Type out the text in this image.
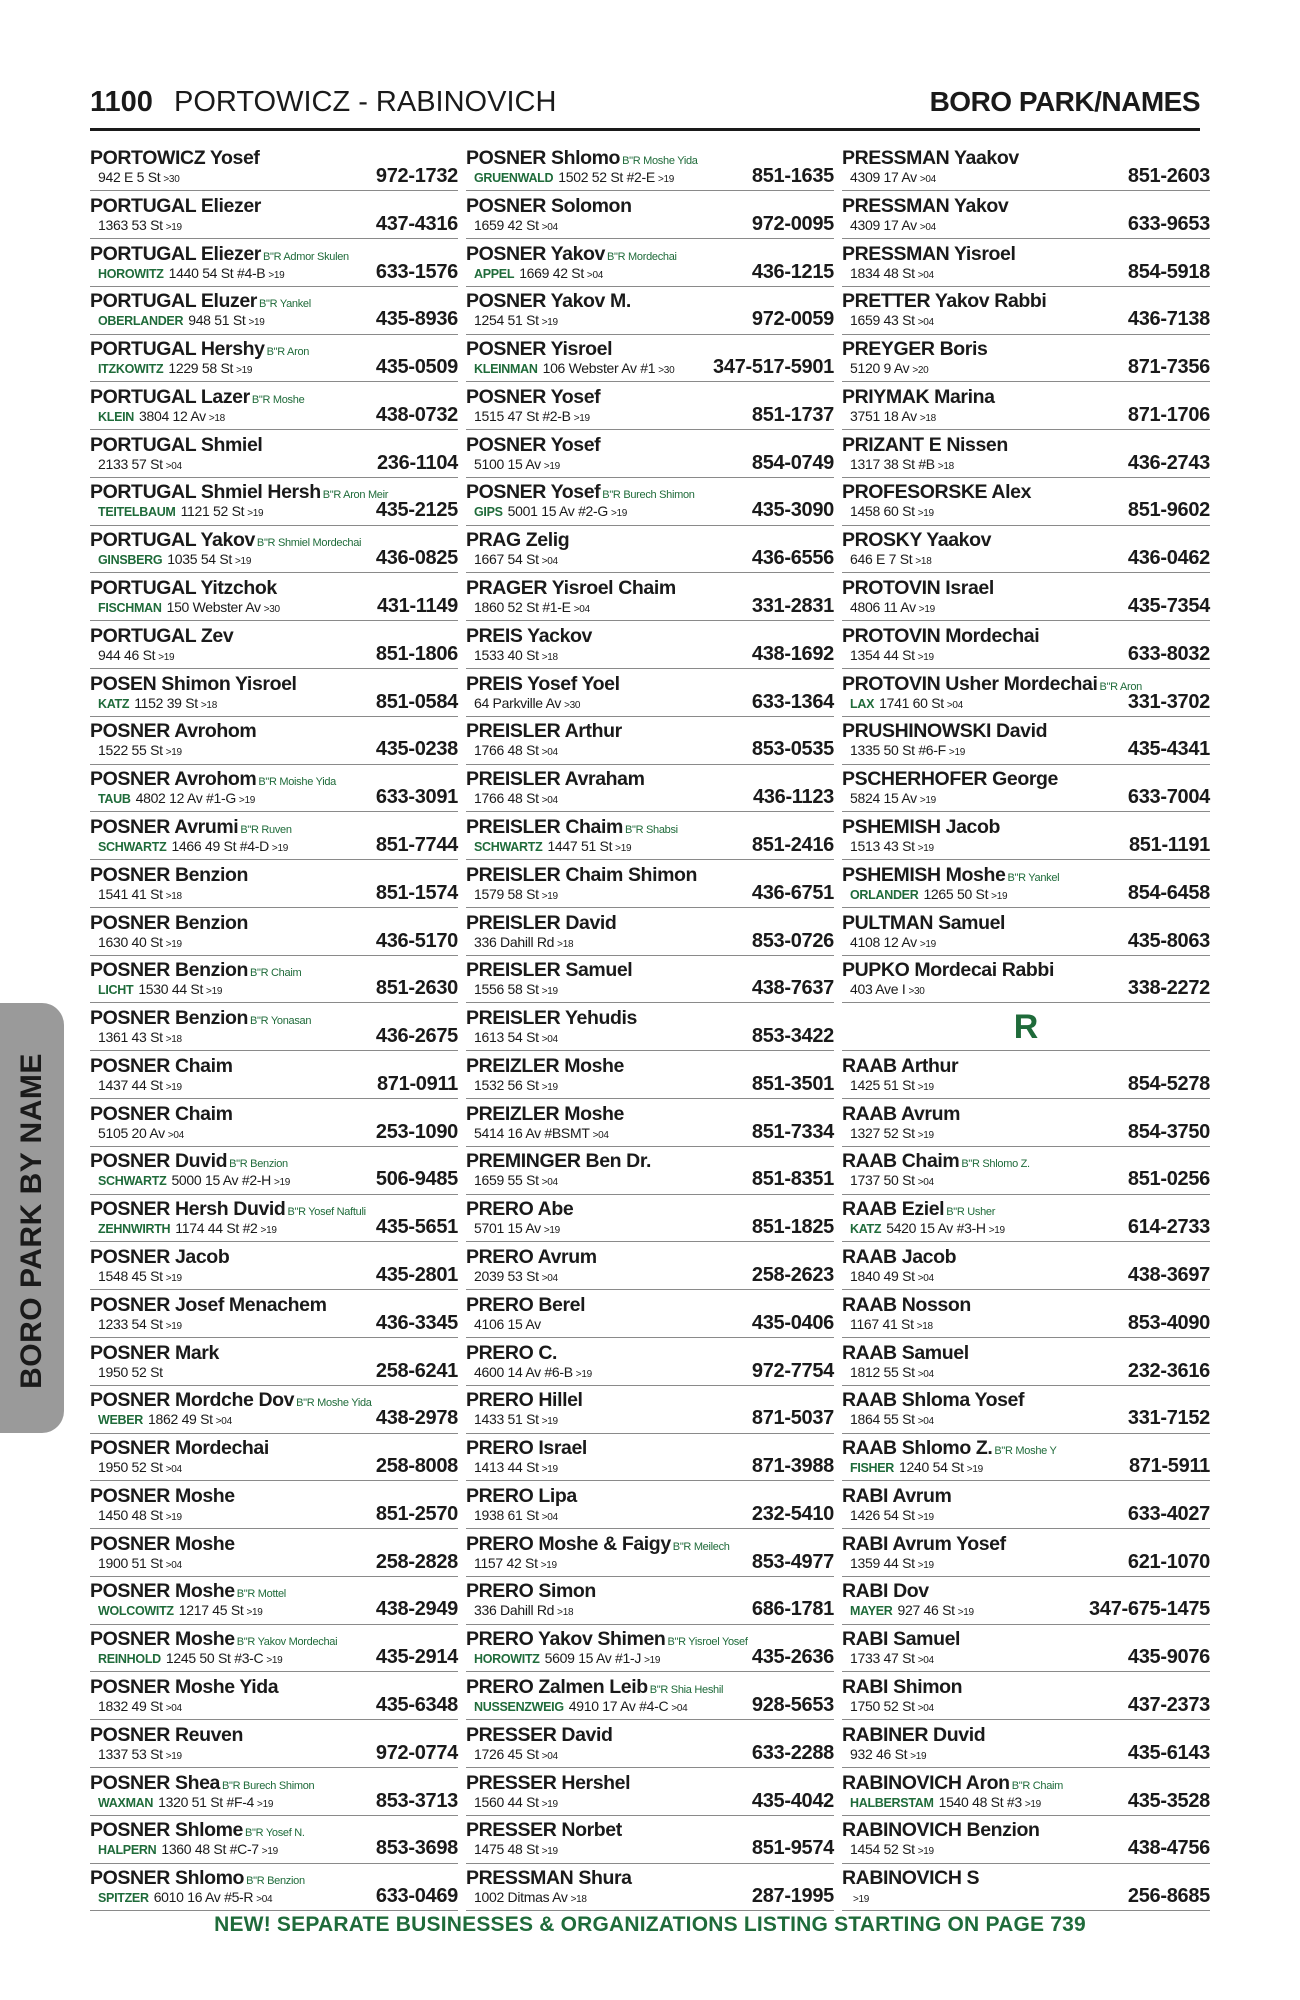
1100 PORTOWICZ - RABINOVICH	BORO PARK/NAMES
PORTOWICZ Yosef
942 E 5 St >30	972-1732
PORTUGAL Eliezer
1363 53 St >19	437-4316
PORTUGAL Eliezer B"R Admor Skulen
HOROWITZ 1440 54 St #4-B >19	633-1576
PORTUGAL Eluzer B"R Yankel
OBERLANDER 948 51 St >19	435-8936
PORTUGAL Hershy B"R Aron
ITZKOWITZ 1229 58 St >19	435-0509
PORTUGAL Lazer B"R Moshe
KLEIN 3804 12 Av >18	438-0732
PORTUGAL Shmiel
2133 57 St >04	236-1104
PORTUGAL Shmiel Hersh B"R Aron Meir
TEITELBAUM 1121 52 St >19	435-2125
PORTUGAL Yakov B"R Shmiel Mordechai
GINSBERG 1035 54 St >19	436-0825
PORTUGAL Yitzchok
FISCHMAN 150 Webster Av >30	431-1149
PORTUGAL Zev
944 46 St >19	851-1806
POSEN Shimon Yisroel
KATZ 1152 39 St >18	851-0584
POSNER Avrohom
1522 55 St >19	435-0238
POSNER Avrohom B"R Moishe Yida
TAUB 4802 12 Av #1-G >19	633-3091
POSNER Avrumi B"R Ruven
SCHWARTZ 1466 49 St #4-D >19	851-7744
POSNER Benzion
1541 41 St >18	851-1574
POSNER Benzion
1630 40 St >19	436-5170
POSNER Benzion B"R Chaim
LICHT 1530 44 St >19	851-2630
POSNER Benzion B"R Yonasan
1361 43 St >18	436-2675
POSNER Chaim
1437 44 St >19	871-0911
POSNER Chaim
5105 20 Av >04	253-1090
POSNER Duvid B"R Benzion
SCHWARTZ 5000 15 Av #2-H >19	506-9485
POSNER Hersh Duvid B"R Yosef Naftuli
ZEHNWIRTH 1174 44 St #2 >19	435-5651
POSNER Jacob
1548 45 St >19	435-2801
POSNER Josef Menachem
1233 54 St >19	436-3345
POSNER Mark
1950 52 St	258-6241
POSNER Mordche Dov B"R Moshe Yida
WEBER 1862 49 St >04	438-2978
POSNER Mordechai
1950 52 St >04	258-8008
POSNER Moshe
1450 48 St >19	851-2570
POSNER Moshe
1900 51 St >04	258-2828
POSNER Moshe B"R Mottel
WOLCOWITZ 1217 45 St >19	438-2949
POSNER Moshe B"R Yakov Mordechai
REINHOLD 1245 50 St #3-C >19	435-2914
POSNER Moshe Yida
1832 49 St >04	435-6348
POSNER Reuven
1337 53 St >19	972-0774
POSNER Shea B"R Burech Shimon
WAXMAN 1320 51 St #F-4 >19	853-3713
POSNER Shlome B"R Yosef N.
HALPERN 1360 48 St #C-7 >19	853-3698
POSNER Shlomo B"R Benzion
SPITZER 6010 16 Av #5-R >04	633-0469
POSNER Shlomo B"R Moshe Yida
GRUENWALD 1502 52 St #2-E >19	851-1635
POSNER Solomon
1659 42 St >04	972-0095
POSNER Yakov B"R Mordechai
APPEL 1669 42 St >04	436-1215
POSNER Yakov M.
1254 51 St >19	972-0059
POSNER Yisroel
KLEINMAN 106 Webster Av #1 >30 347-517-5901
POSNER Yosef
1515 47 St #2-B >19	851-1737
POSNER Yosef
5100 15 Av >19	854-0749
POSNER Yosef B"R Burech Shimon
GIPS 5001 15 Av #2-G >19	435-3090
PRAG Zelig
1667 54 St >04	436-6556
PRAGER Yisroel Chaim
1860 52 St #1-E >04	331-2831
PREIS Yackov
1533 40 St >18	438-1692
PREIS Yosef Yoel
64 Parkville Av >30	633-1364
PREISLER Arthur
1766 48 St >04	853-0535
PREISLER Avraham
1766 48 St >04	436-1123
PREISLER Chaim B"R Shabsi
SCHWARTZ 1447 51 St >19	851-2416
PREISLER Chaim Shimon
1579 58 St >19	436-6751
PREISLER David
336 Dahill Rd >18	853-0726
PREISLER Samuel
1556 58 St >19	438-7637
PREISLER Yehudis
1613 54 St >04	853-3422
PREIZLER Moshe
1532 56 St >19	851-3501
PREIZLER Moshe
5414 16 Av #BSMT >04	851-7334
PREMINGER Ben Dr.
1659 55 St >04	851-8351
PRERO Abe
5701 15 Av >19	851-1825
PRERO Avrum
2039 53 St >04	258-2623
PRERO Berel
4106 15 Av	435-0406
PRERO C.
4600 14 Av #6-B >19	972-7754
PRERO Hillel
1433 51 St >19	871-5037
PRERO Israel
1413 44 St >19	871-3988
PRERO Lipa
1938 61 St >04	232-5410
PRERO Moshe & Faigy B"R Meilech
1157 42 St >19	853-4977
PRERO Simon
336 Dahill Rd >18	686-1781
PRERO Yakov Shimen B"R Yisroel Yosef
HOROWITZ 5609 15 Av #1-J >19	435-2636
PRERO Zalmen Leib B"R Shia Heshil
NUSSENZWEIG 4910 17 Av #4-C >04	928-5653
PRESSER David
1726 45 St >04	633-2288
PRESSER Hershel
1560 44 St >19	435-4042
PRESSER Norbet
1475 48 St >19	851-9574
PRESSMAN Shura
1002 Ditmas Av >18	287-1995
PRESSMAN Yaakov
4309 17 Av >04	851-2603
PRESSMAN Yakov
4309 17 Av >04	633-9653
PRESSMAN Yisroel
1834 48 St >04	854-5918
PRETTER Yakov Rabbi
1659 43 St >04	436-7138
PREYGER Boris
5120 9 Av >20	871-7356
PRIYMAK Marina
3751 18 Av >18	871-1706
PRIZANT E Nissen
1317 38 St #B >18	436-2743
PROFESORSKE Alex
1458 60 St >19	851-9602
PROSKY Yaakov
646 E 7 St >18	436-0462
PROTOVIN Israel
4806 11 Av >19	435-7354
PROTOVIN Mordechai
1354 44 St >19	633-8032
PROTOVIN Usher Mordechai B"R Aron
LAX 1741 60 St >04	331-3702
PRUSHINOWSKI David
1335 50 St #6-F >19	435-4341
PSCHERHOFER George
5824 15 Av >19	633-7004
PSHEMISH Jacob
1513 43 St >19	851-1191
PSHEMISH Moshe B"R Yankel
ORLANDER 1265 50 St >19	854-6458
PULTMAN Samuel
4108 12 Av >19	435-8063
PUPKO Mordecai Rabbi
403 Ave I >30	338-2272
R
RAAB Arthur
1425 51 St >19	854-5278
RAAB Avrum
1327 52 St >19	854-3750
RAAB Chaim B"R Shlomo Z.
1737 50 St >04	851-0256
RAAB Eziel B"R Usher
KATZ 5420 15 Av #3-H >19	614-2733
RAAB Jacob
1840 49 St >04	438-3697
RAAB Nosson
1167 41 St >18	853-4090
RAAB Samuel
1812 55 St >04	232-3616
RAAB Shloma Yosef
1864 55 St >04	331-7152
RAAB Shlomo Z. B"R Moshe Y
FISHER 1240 54 St >19	871-5911
RABI Avrum
1426 54 St >19	633-4027
RABI Avrum Yosef
1359 44 St >19	621-1070
RABI Dov
MAYER 927 46 St >19	347-675-1475
RABI Samuel
1733 47 St >04	435-9076
RABI Shimon
1750 52 St >04	437-2373
RABINER Duvid
932 46 St >19	435-6143
RABINOVICH Aron B"R Chaim
HALBERSTAM 1540 48 St #3 >19	435-3528
RABINOVICH Benzion
1454 52 St >19	438-4756
RABINOVICH S
>19	256-8685
BORO PARK BY NAME
NEW! SEPARATE BUSINESSES & ORGANIZATIONS LISTING STARTING ON PAGE 739
